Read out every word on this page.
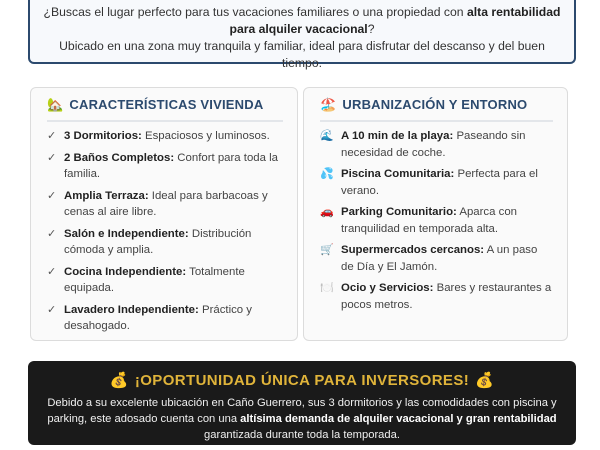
¿Buscas el lugar perfecto para tus vacaciones familiares o una propiedad con alta rentabilidad para alquiler vacacional?

Ubicado en una zona muy tranquila y familiar, ideal para disfrutar del descanso y del buen tiempo.

🏡 CARACTERÍSTICAS VIVIENDA
✓ 3 Dormitorios: Espaciosos y luminosos.
✓ 2 Baños Completos: Confort para toda la familia.
✓ Amplia Terraza: Ideal para barbacoas y cenas al aire libre.
✓ Salón e Independiente: Distribución cómoda y amplia.
✓ Cocina Independiente: Totalmente equipada.
✓ Lavadero Independiente: Práctico y desahogado.
🏖️ URBANIZACIÓN Y ENTORNO
🌊 A 10 min de la playa: Paseando sin necesidad de coche.
💦 Piscina Comunitaria: Perfecta para el verano.
🚗 Parking Comunitario: Aparca con tranquilidad en temporada alta.
🛒 Supermercados cercanos: A un paso de Día y El Jamón.
🍽️ Ocio y Servicios: Bares y restaurantes a pocos metros.
💰 ¡OPORTUNIDAD ÚNICA PARA INVERSORES! 💰

Debido a su excelente ubicación en Caño Guerrero, sus 3 dormitorios y las comodidades con piscina y parking, este adosado cuenta con una altísima demanda de alquiler vacacional y gran rentabilidad garantizada durante toda la temporada.
